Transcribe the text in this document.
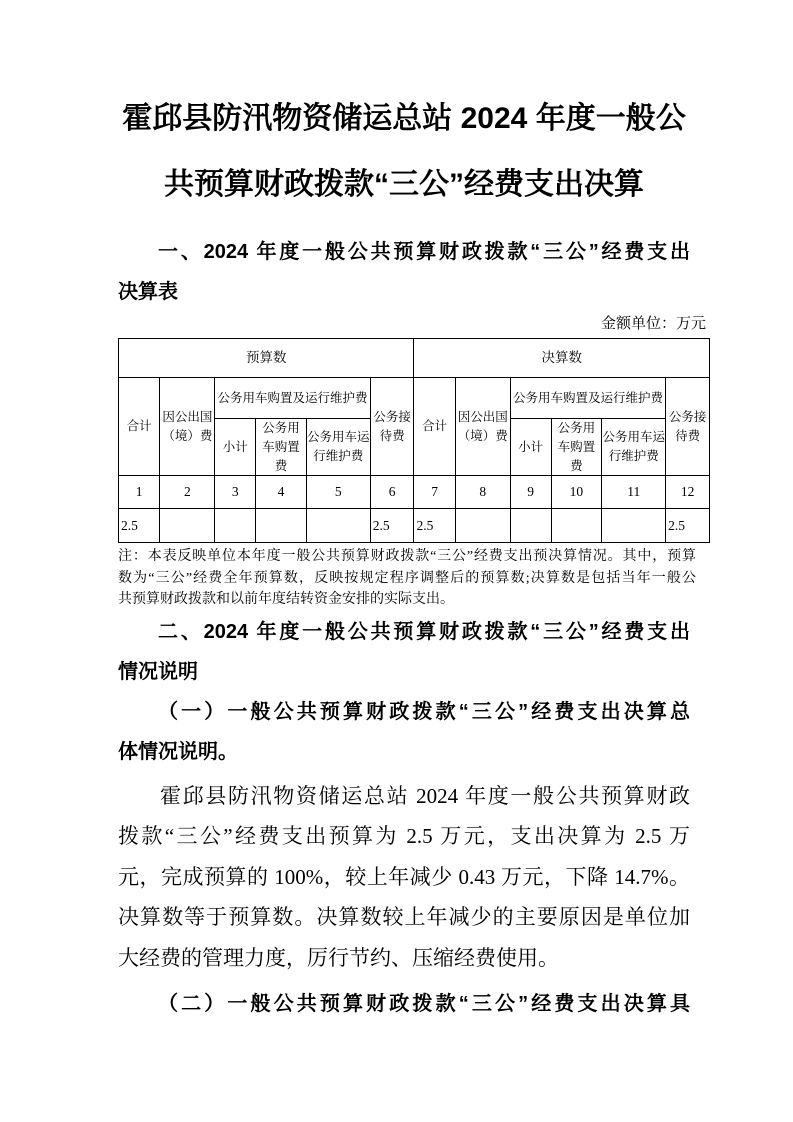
霍邱县防汛物资储运总站 2024 年度一般公
共预算财政拨款“三公”经费支出决算
一、2024 年度一般公共预算财政拨款“三公”经费支出
决算表
金额单位：万元
预算数						决算数					
合计	因公出国（境）费	公务用车购置及运行维护费			公务接待费	合计	因公出国（境）费	公务用车购置及运行维护费			公务接待费
		小计	公务用车购置费	公务用车运行维护费				小计	公务用车购置费	公务用车运行维护费	
1	2	3	4	5	6	7	8	9	10	11	12
2.5					2.5	2.5					2.5
注：本表反映单位本年度一般公共预算财政拨款“三公”经费支出预决算情况。其中，预算
数为“三公”经费全年预算数，反映按规定程序调整后的预算数;决算数是包括当年一般公
共预算财政拨款和以前年度结转资金安排的实际支出。
二、2024 年度一般公共预算财政拨款“三公”经费支出
情况说明
（一）一般公共预算财政拨款“三公”经费支出决算总
体情况说明。
霍邱县防汛物资储运总站 2024 年度一般公共预算财政
拨款“三公”经费支出预算为 2.5 万元，支出决算为 2.5 万
元，完成预算的 100%，较上年减少 0.43 万元，下降 14.7%。
决算数等于预算数。决算数较上年减少的主要原因是单位加
大经费的管理力度，厉行节约、压缩经费使用。
（二）一般公共预算财政拨款“三公”经费支出决算具
